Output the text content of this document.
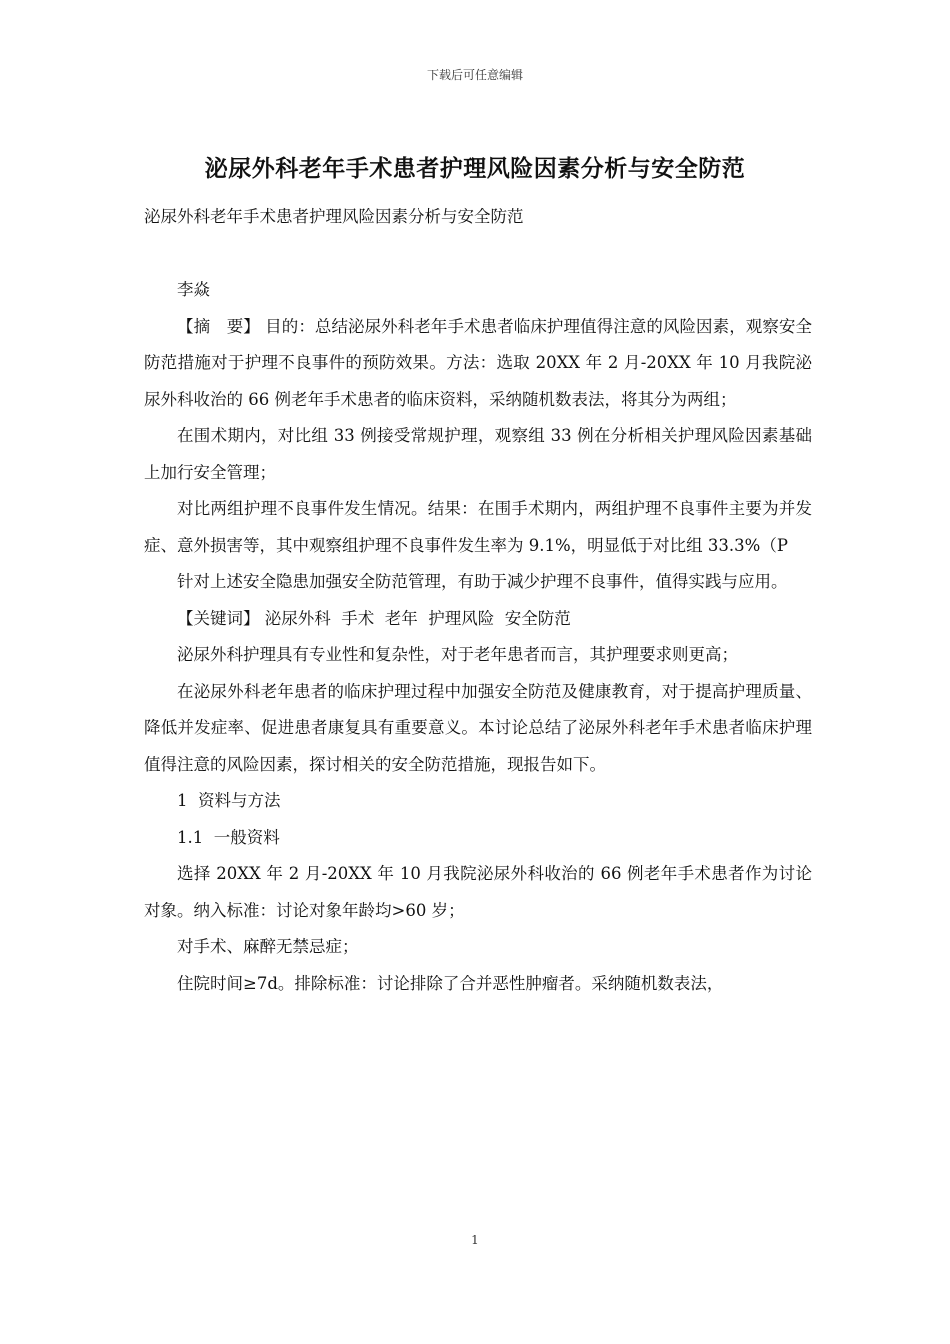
下载后可任意编辑
泌尿外科老年手术患者护理风险因素分析与安全防范

泌尿外科老年手术患者护理风险因素分析与安全防范

李焱

【摘　要】 目的：总结泌尿外科老年手术患者临床护理值得注意的风险因素，观察安全防范措施对于护理不良事件的预防效果。方法：选取 20XX 年 2 月-20XX 年 10 月我院泌尿外科收治的 66 例老年手术患者的临床资料，采纳随机数表法，将其分为两组；

在围术期内，对比组 33 例接受常规护理，观察组 33 例在分析相关护理风险因素基础上加行安全管理；

对比两组护理不良事件发生情况。结果：在围手术期内，两组护理不良事件主要为并发症、意外损害等，其中观察组护理不良事件发生率为 9.1%，明显低于对比组 33.3%（P

针对上述安全隐患加强安全防范管理，有助于减少护理不良事件，值得实践与应用。

【关键词】 泌尿外科  手术  老年  护理风险  安全防范

泌尿外科护理具有专业性和复杂性，对于老年患者而言，其护理要求则更高；

在泌尿外科老年患者的临床护理过程中加强安全防范及健康教育，对于提高护理质量、降低并发症率、促进患者康复具有重要意义。本讨论总结了泌尿外科老年手术患者临床护理值得注意的风险因素，探讨相关的安全防范措施，现报告如下。

1  资料与方法

1.1  一般资料

选择 20XX 年 2 月-20XX 年 10 月我院泌尿外科收治的 66 例老年手术患者作为讨论对象。纳入标准：讨论对象年龄均>60 岁；

对手术、麻醉无禁忌症；

住院时间≥7d。排除标准：讨论排除了合并恶性肿瘤者。采纳随机数表法，

1
